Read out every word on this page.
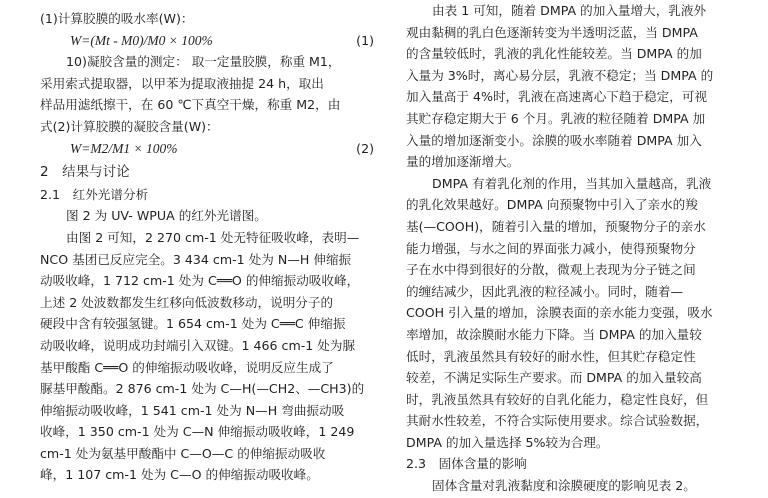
(1)计算胶膜的吸水率(W)：
W=(Mt - M0)/M0 × 100%	(1)
10)凝胶含量的测定： 取一定量胶膜，称重 M1，
采用索式提取器，以甲苯为提取液抽提 24 h，取出
样品用滤纸擦干，在 60 ℃下真空干燥，称重 M2，由
式(2)计算胶膜的凝胶含量(W)：
W=M2/M1 × 100%	(2)
2　结果与讨论
2.1　红外光谱分析
图 2 为 UV- WPUA 的红外光谱图。
由图 2 可知，2 270 cm-1 处无特征吸收峰，表明—
NCO 基团已反应完全。3 434 cm-1 处为 N—H 伸缩振
动吸收峰，1 712 cm-1 处为 C══O 的伸缩振动吸收峰，
上述 2 处波数都发生红移向低波数移动，说明分子的
硬段中含有较强氢键。1 654 cm-1 处为 C══C 伸缩振
动吸收峰，说明成功封端引入双键。1 466 cm-1 处为脲
基甲酸酯 C══O 的伸缩振动吸收峰，说明反应生成了
脲基甲酸酯。2 876 cm-1 处为 C—H(—CH2、—CH3)的
伸缩振动吸收峰，1 541 cm-1 处为 N—H 弯曲振动吸
收峰，1 350 cm-1 处为 C—N 伸缩振动吸收峰，1 249
cm-1 处为氨基甲酸酯中 C—O—C 的伸缩振动吸收
峰，1 107 cm-1 处为 C—O 的伸缩振动吸收峰。
由表 1 可知，随着 DMPA 的加入量增大，乳液外
观由黏稠的乳白色逐渐转变为半透明泛蓝，当 DMPA
的含量较低时，乳液的乳化性能较差。当 DMPA 的加
入量为 3%时，离心易分层，乳液不稳定；当 DMPA 的
加入量高于 4%时，乳液在高速离心下趋于稳定，可视
其贮存稳定期大于 6 个月。乳液的粒径随着 DMPA 加
入量的增加逐渐变小。涂膜的吸水率随着 DMPA 加入
量的增加逐渐增大。
DMPA 有着乳化剂的作用，当其加入量越高，乳液
的乳化效果越好。DMPA 向预聚物中引入了亲水的羧
基(—COOH)，随着引入量的增加，预聚物分子的亲水
能力增强，与水之间的界面张力减小，使得预聚物分
子在水中得到很好的分散，微观上表现为分子链之间
的缠结减少，因此乳液的粒径减小。同时，随着—
COOH 引入量的增加，涂膜表面的亲水能力变强，吸水
率增加，故涂膜耐水能力下降。当 DMPA 的加入量较
低时，乳液虽然具有较好的耐水性，但其贮存稳定性
较差，不满足实际生产要求。而 DMPA 的加入量较高
时，乳液虽然具有较好的自乳化能力，稳定性良好，但
其耐水性较差，不符合实际使用要求。综合试验数据，
DMPA 的加入量选择 5%较为合理。
2.3　固体含量的影响
固体含量对乳液黏度和涂膜硬度的影响见表 2。
